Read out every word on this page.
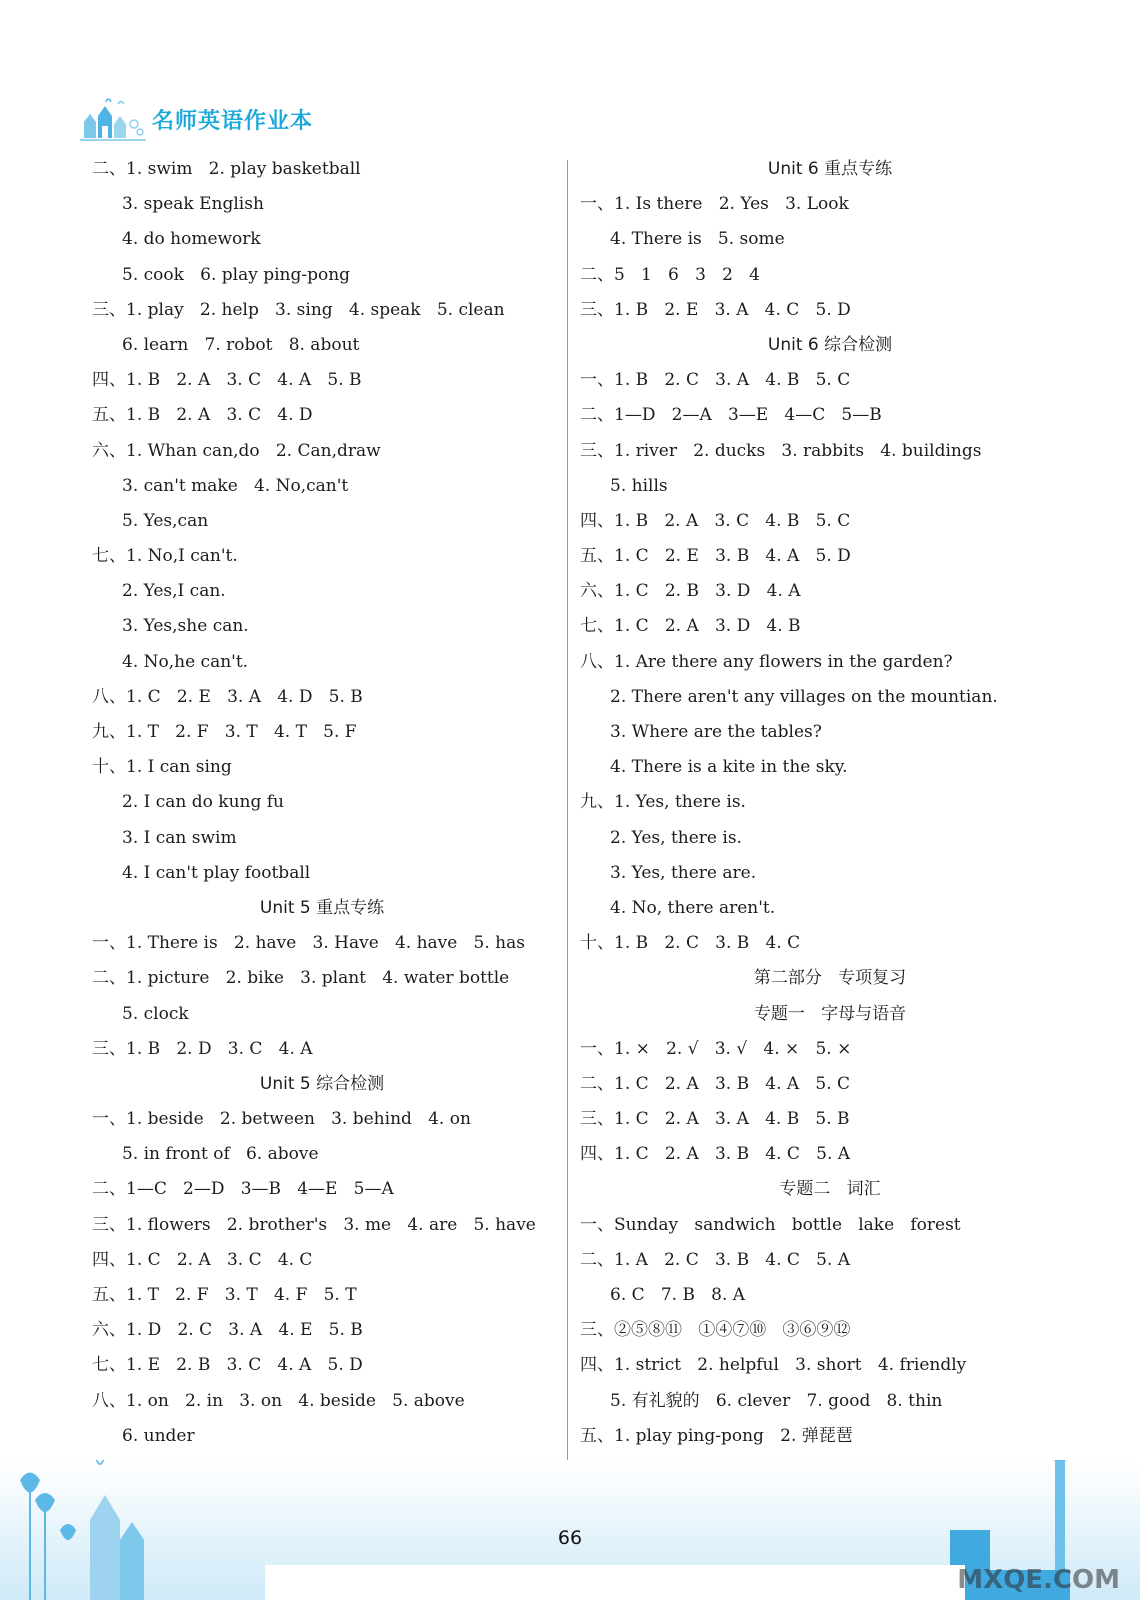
名师英语作业本
二、1. swim   2. play basketball
3. speak English
4. do homework
5. cook   6. play ping-pong
三、1. play   2. help   3. sing   4. speak   5. clean
6. learn   7. robot   8. about
四、1. B   2. A   3. C   4. A   5. B
五、1. B   2. A   3. C   4. D
六、1. Whan can,do   2. Can,draw
3. can't make   4. No,can't
5. Yes,can
七、1. No,I can't.
2. Yes,I can.
3. Yes,she can.
4. No,he can't.
八、1. C   2. E   3. A   4. D   5. B
九、1. T   2. F   3. T   4. T   5. F
十、1. I can sing
2. I can do kung fu
3. I can swim
4. I can't play football
Unit 5 重点专练
一、1. There is   2. have   3. Have   4. have   5. has
二、1. picture   2. bike   3. plant   4. water bottle
5. clock
三、1. B   2. D   3. C   4. A
Unit 5 综合检测
一、1. beside   2. between   3. behind   4. on
5. in front of   6. above
二、1—C   2—D   3—B   4—E   5—A
三、1. flowers   2. brother's   3. me   4. are   5. have
四、1. C   2. A   3. C   4. C
五、1. T   2. F   3. T   4. F   5. T
六、1. D   2. C   3. A   4. E   5. B
七、1. E   2. B   3. C   4. A   5. D
八、1. on   2. in   3. on   4. beside   5. above
6. under
Unit 6 重点专练
一、1. Is there   2. Yes   3. Look
4. There is   5. some
二、5   1   6   3   2   4
三、1. B   2. E   3. A   4. C   5. D
Unit 6 综合检测
一、1. B   2. C   3. A   4. B   5. C
二、1—D   2—A   3—E   4—C   5—B
三、1. river   2. ducks   3. rabbits   4. buildings
5. hills
四、1. B   2. A   3. C   4. B   5. C
五、1. C   2. E   3. B   4. A   5. D
六、1. C   2. B   3. D   4. A
七、1. C   2. A   3. D   4. B
八、1. Are there any flowers in the garden?
2. There aren't any villages on the mountian.
3. Where are the tables?
4. There is a kite in the sky.
九、1. Yes, there is.
2. Yes, there is.
3. Yes, there are.
4. No, there aren't.
十、1. B   2. C   3. B   4. C
第二部分   专项复习
专题一   字母与语音
一、1. ×   2. √   3. √   4. ×   5. ×
二、1. C   2. A   3. B   4. A   5. C
三、1. C   2. A   3. A   4. B   5. B
四、1. C   2. A   3. B   4. C   5. A
专题二   词汇
一、Sunday   sandwich   bottle   lake   forest
二、1. A   2. C   3. B   4. C   5. A
6. C   7. B   8. A
三、②⑤⑧⑪   ①④⑦⑩   ③⑥⑨⑫
四、1. strict   2. helpful   3. short   4. friendly
5. 有礼貌的   6. clever   7. good   8. thin
五、1. play ping-pong   2. 弹琵琶
66
MXQE.COM
